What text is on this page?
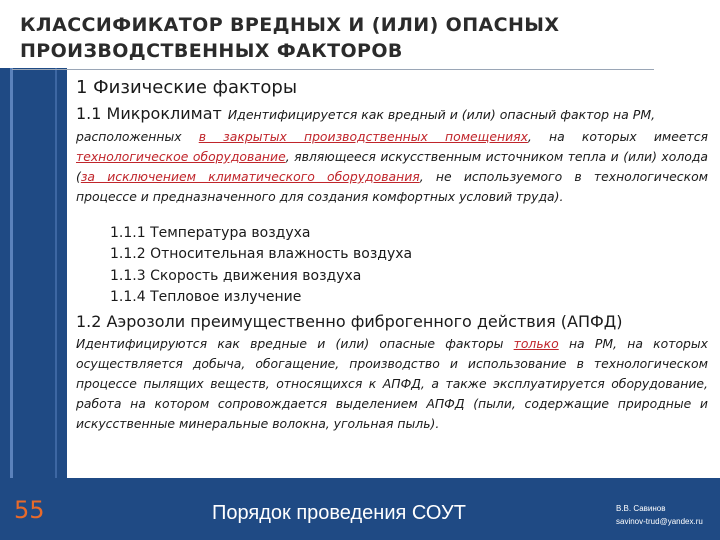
КЛАССИФИКАТОР ВРЕДНЫХ И (ИЛИ) ОПАСНЫХ
ПРОИЗВОДСТВЕННЫХ ФАКТОРОВ
1 Физические факторы
1.1 Микроклимат Идентифицируется как вредный и (или) опасный фактор на РМ,
расположенных в закрытых производственных помещениях, на которых имеется технологическое оборудование, являющееся искусственным источником тепла и (или) холода (за исключением климатического оборудования, не используемого в технологическом процессе и предназначенного для создания комфортных условий труда).
1.1.1 Температура воздуха
1.1.2 Относительная влажность воздуха
1.1.3 Скорость движения воздуха
1.1.4 Тепловое излучение
1.2 Аэрозоли преимущественно фиброгенного действия (АПФД)
Идентифицируются как вредные и (или) опасные факторы только на РМ, на которых осуществляется добыча, обогащение, производство и использование в технологическом процессе пылящих веществ, относящихся к АПФД, а также эксплуатируется оборудование, работа на котором сопровождается выделением АПФД (пыли, содержащие природные и искусственные минеральные волокна, угольная пыль).
55	Порядок проведения СОУТ	В.В. Савинов
savinov-trud@yandex.ru
